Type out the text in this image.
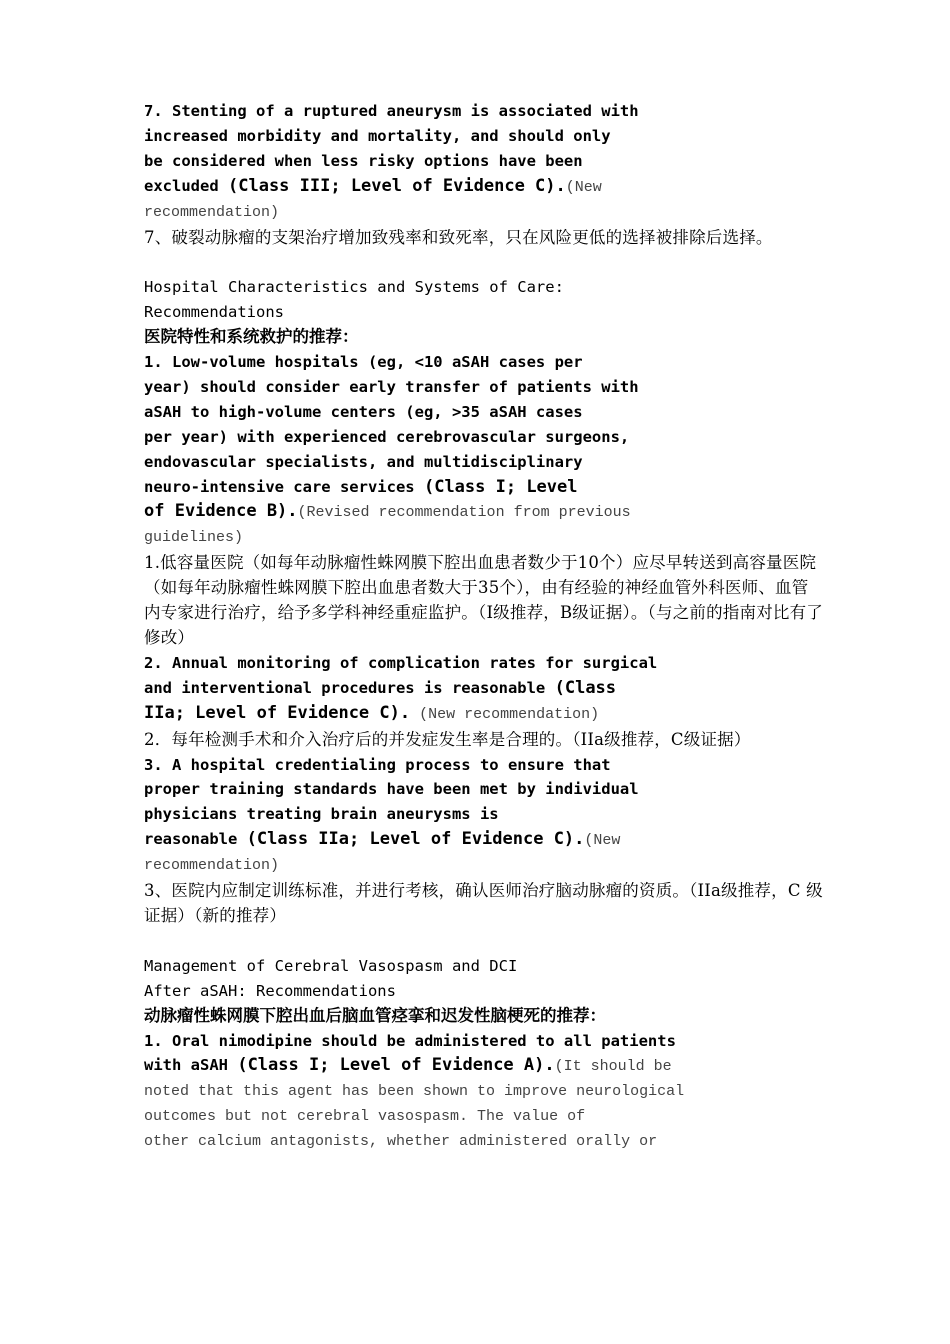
7. Stenting of a ruptured aneurysm is associated with
increased morbidity and mortality, and should only
be considered when less risky options have been
excluded (Class III; Level of Evidence C).(New
recommendation)
7、破裂动脉瘤的支架治疗增加致残率和致死率，只在风险更低的选择被排除后选择。
Hospital Characteristics and Systems of Care:
Recommendations
医院特性和系统救护的推荐：
1. Low-volume hospitals (eg, <10 aSAH cases per
year) should consider early transfer of patients with
aSAH to high-volume centers (eg, >35 aSAH cases
per year) with experienced cerebrovascular surgeons,
endovascular specialists, and multidisciplinary
neuro-intensive care services (Class I; Level
of Evidence B).(Revised recommendation from previous
guidelines)
1.低容量医院（如每年动脉瘤性蛛网膜下腔出血患者数少于10个）应尽早转送到高容量医院（如每年动脉瘤性蛛网膜下腔出血患者数大于35个），由有经验的神经血管外科医师、血管内专家进行治疗，给予多学科神经重症监护。（I级推荐，B级证据）。（与之前的指南对比有了修改）
2. Annual monitoring of complication rates for surgical
and interventional procedures is reasonable (Class
IIa; Level of Evidence C). (New recommendation)
2．每年检测手术和介入治疗后的并发症发生率是合理的。（IIa级推荐，C级证据）
3. A hospital credentialing process to ensure that
proper training standards have been met by individual
physicians treating brain aneurysms is
reasonable (Class IIa; Level of Evidence C).(New
recommendation)
3、医院内应制定训练标准，并进行考核，确认医师治疗脑动脉瘤的资质。（IIa级推荐，C 级证据）（新的推荐）
Management of Cerebral Vasospasm and DCI
After aSAH: Recommendations
动脉瘤性蛛网膜下腔出血后脑血管痉挛和迟发性脑梗死的推荐：
1. Oral nimodipine should be administered to all patients
with aSAH (Class I; Level of Evidence A).(It should be
noted that this agent has been shown to improve neurological
outcomes but not cerebral vasospasm. The value of
other calcium antagonists, whether administered orally or
